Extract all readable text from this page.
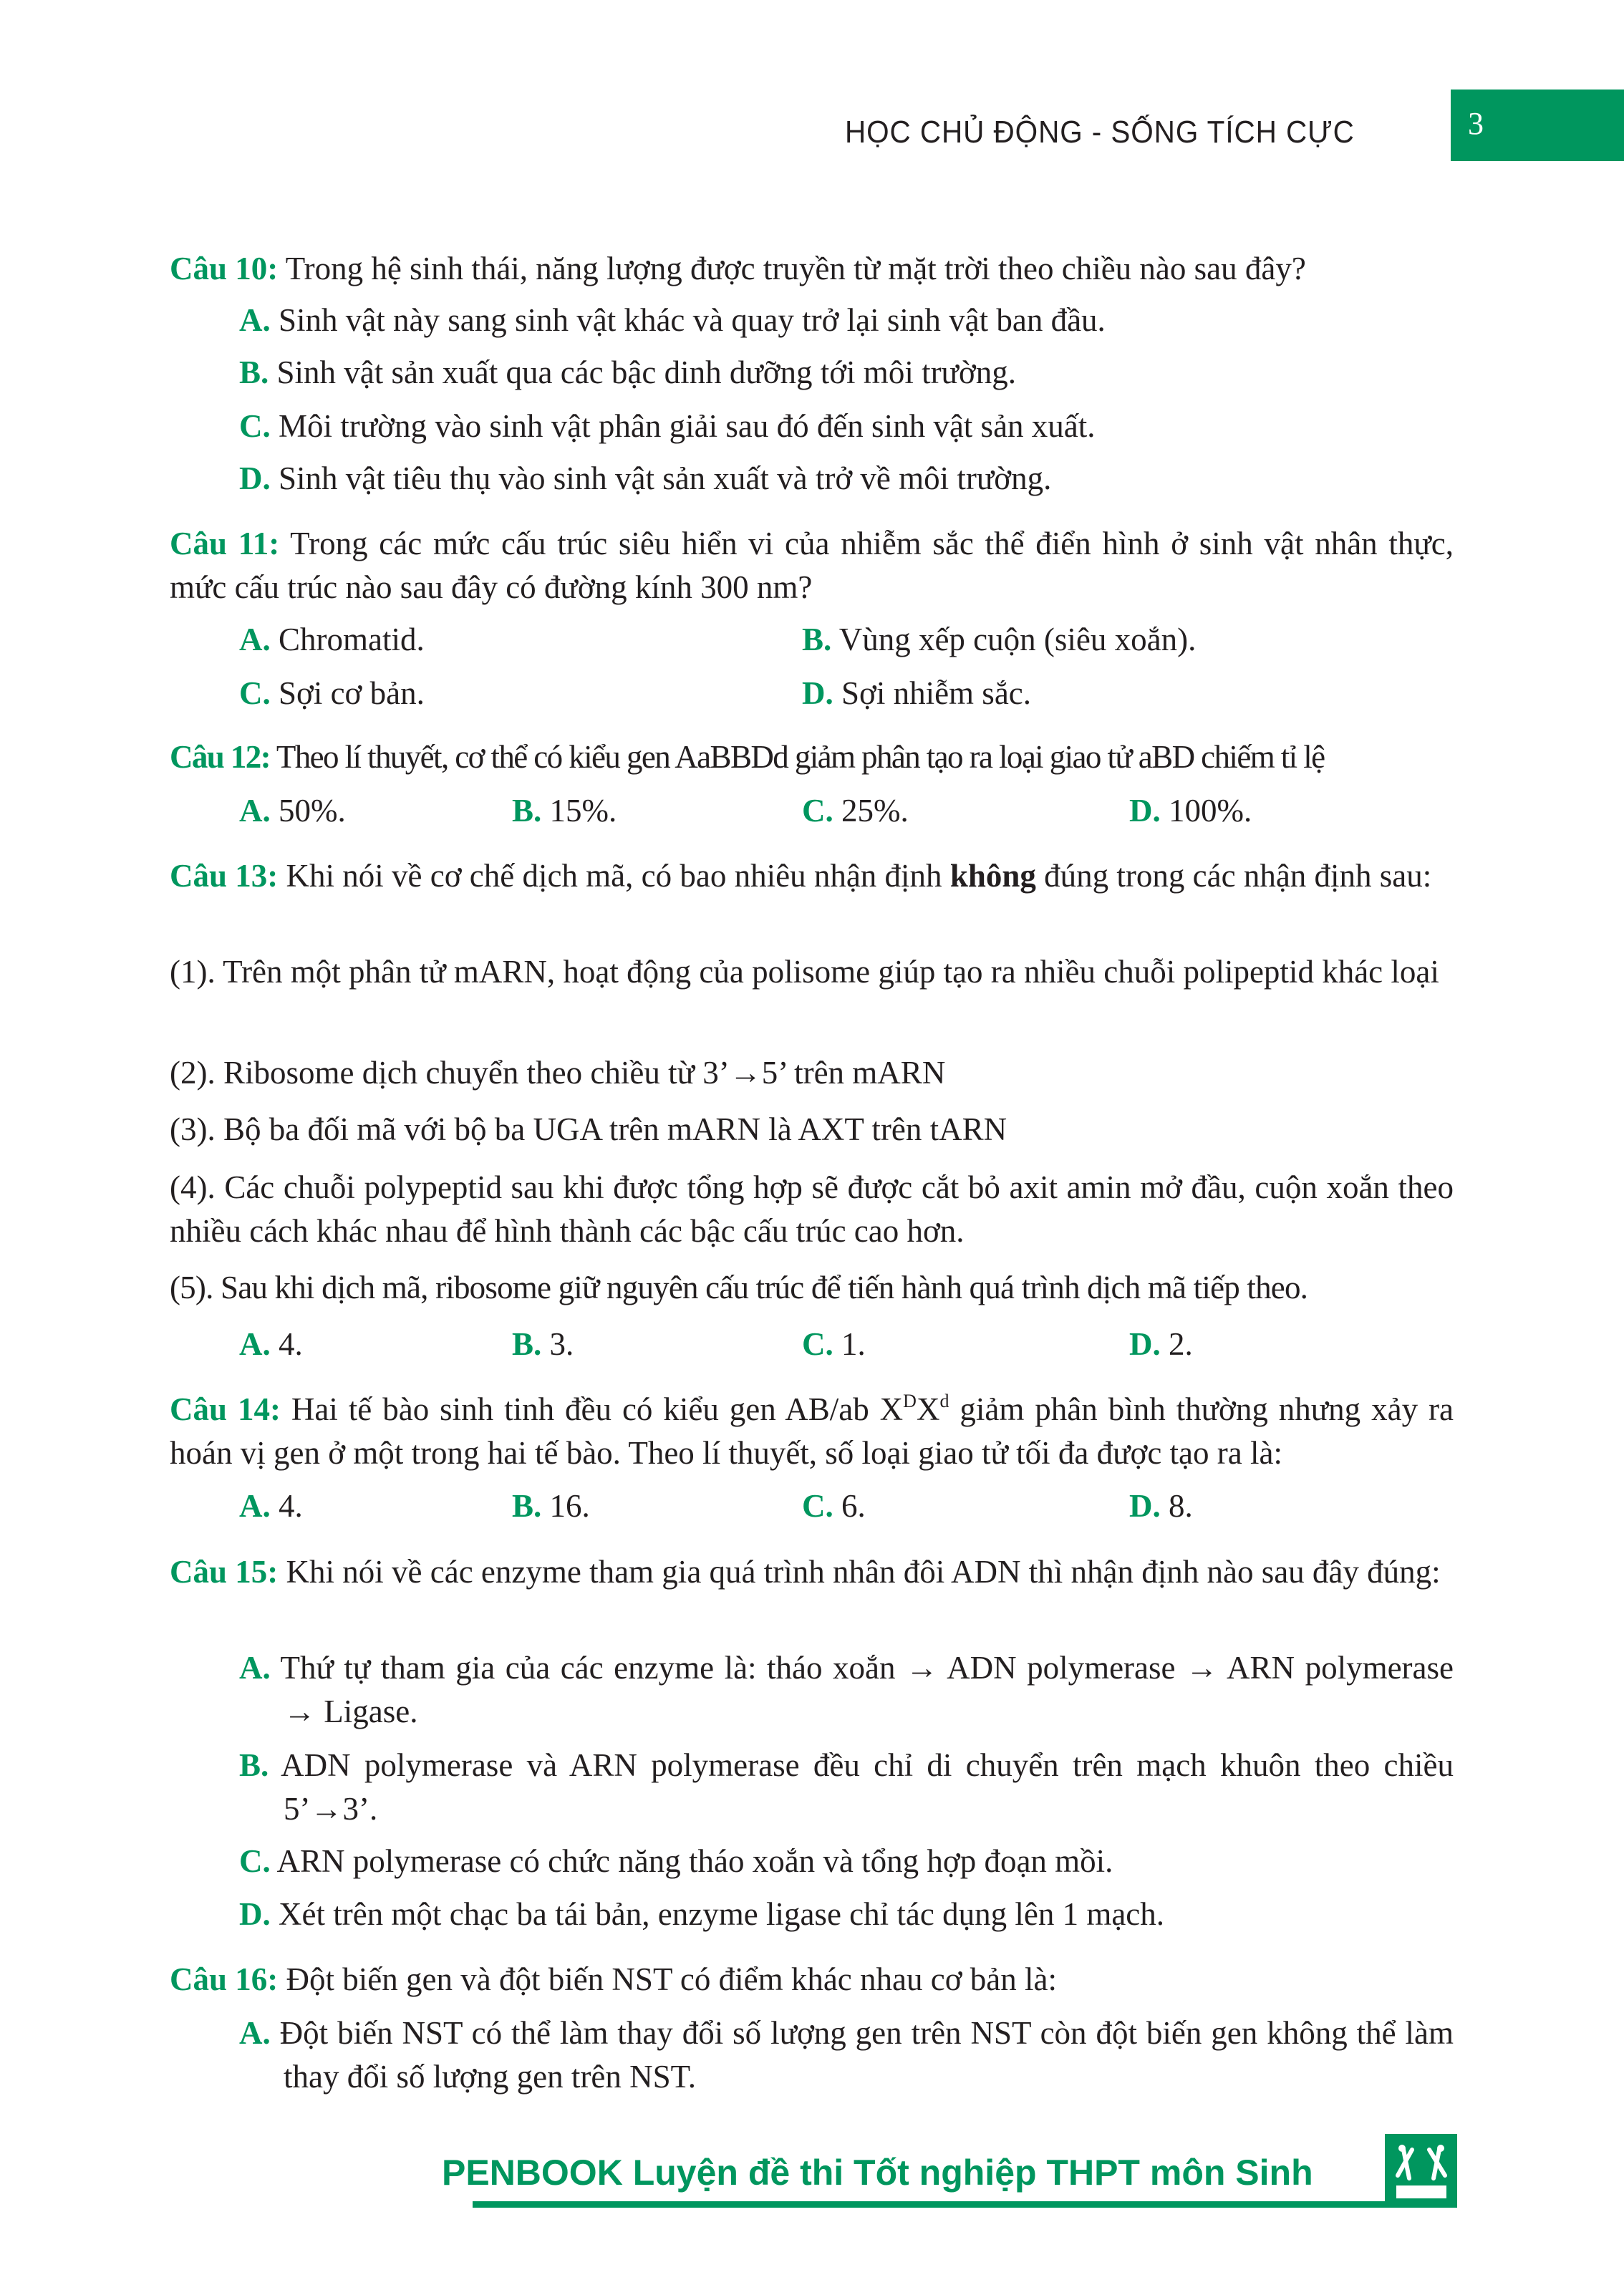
HỌC CHỦ ĐỘNG - SỐNG TÍCH CỰC	3
Câu 10: Trong hệ sinh thái, năng lượng được truyền từ mặt trời theo chiều nào sau đây?
A. Sinh vật này sang sinh vật khác và quay trở lại sinh vật ban đầu.
B. Sinh vật sản xuất qua các bậc dinh dưỡng tới môi trường.
C. Môi trường vào sinh vật phân giải sau đó đến sinh vật sản xuất.
D. Sinh vật tiêu thụ vào sinh vật sản xuất và trở về môi trường.
Câu 11: Trong các mức cấu trúc siêu hiển vi của nhiễm sắc thể điển hình ở sinh vật nhân thực, mức cấu trúc nào sau đây có đường kính 300 nm?
A. Chromatid.	B. Vùng xếp cuộn (siêu xoắn).
C. Sợi cơ bản.	D. Sợi nhiễm sắc.
Câu 12: Theo lí thuyết, cơ thể có kiểu gen AaBBDd giảm phân tạo ra loại giao tử aBD chiếm tỉ lệ
A. 50%.	B. 15%.	C. 25%.	D. 100%.
Câu 13: Khi nói về cơ chế dịch mã, có bao nhiêu nhận định không đúng trong các nhận định sau:
(1). Trên một phân tử mARN, hoạt động của polisome giúp tạo ra nhiều chuỗi polipeptid khác loại
(2). Ribosome dịch chuyển theo chiều từ 3’→5’ trên mARN
(3). Bộ ba đối mã với bộ ba UGA trên mARN là AXT trên tARN
(4). Các chuỗi polypeptid sau khi được tổng hợp sẽ được cắt bỏ axit amin mở đầu, cuộn xoắn theo nhiều cách khác nhau để hình thành các bậc cấu trúc cao hơn.
(5). Sau khi dịch mã, ribosome giữ nguyên cấu trúc để tiến hành quá trình dịch mã tiếp theo.
A. 4.	B. 3.	C. 1.	D. 2.
Câu 14: Hai tế bào sinh tinh đều có kiểu gen AB/ab $X^DX^d$ giảm phân bình thường nhưng xảy ra hoán vị gen ở một trong hai tế bào. Theo lí thuyết, số loại giao tử tối đa được tạo ra là:
A. 4.	B. 16.	C. 6.	D. 8.
Câu 15: Khi nói về các enzyme tham gia quá trình nhân đôi ADN thì nhận định nào sau đây đúng:
A. Thứ tự tham gia của các enzyme là: tháo xoắn → ADN polymerase → ARN polymerase → Ligase.
B. ADN polymerase và ARN polymerase đều chỉ di chuyển trên mạch khuôn theo chiều 5’→3’.
C. ARN polymerase có chức năng tháo xoắn và tổng hợp đoạn mồi.
D. Xét trên một chạc ba tái bản, enzyme ligase chỉ tác dụng lên 1 mạch.
Câu 16: Đột biến gen và đột biến NST có điểm khác nhau cơ bản là:
A. Đột biến NST có thể làm thay đổi số lượng gen trên NST còn đột biến gen không thể làm thay đổi số lượng gen trên NST.
PENBOOK Luyện đề thi Tốt nghiệp THPT môn Sinh
